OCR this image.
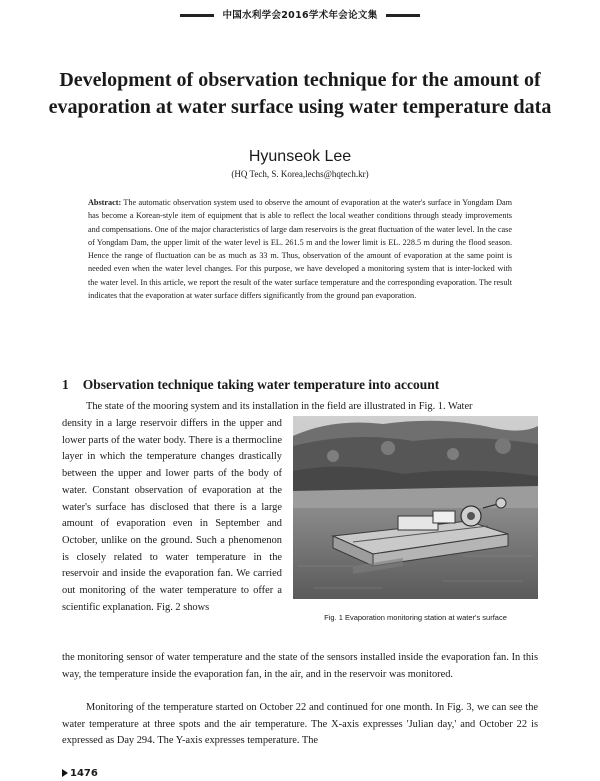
中国水利学会2016学术年会论文集
Development of observation technique for the amount of evaporation at water surface using water temperature data
Hyunseok Lee
(HQ Tech, S. Korea,lechs@hqtech.kr)

Abstract: The automatic observation system used to observe the amount of evaporation at the water's surface in Yongdam Dam has become a Korean-style item of equipment that is able to reflect the local weather conditions through steady improvements and compensations. One of the major characteristics of large dam reservoirs is the great fluctuation of the water level. In the case of Yongdam Dam, the upper limit of the water level is EL. 261.5 m and the lower limit is EL. 228.5 m during the flood season. Hence the range of fluctuation can be as much as 33 m. Thus, observation of the amount of evaporation at the same point is needed even when the water level changes. For this purpose, we have developed a monitoring system that is inter-locked with the water level. In this article, we report the result of the water surface temperature and the corresponding evaporation. The result indicates that the evaporation at water surface differs significantly from the ground pan evaporation.

1 Observation technique taking water temperature into account

The state of the mooring system and its installation in the field are illustrated in Fig. 1. Water

density in a large reservoir differs in the upper and lower parts of the water body. There is a thermocline layer in which the temperature changes drastically between the upper and lower parts of the body of water. Constant observation of evaporation at the water's surface has disclosed that there is a large amount of evaporation even in September and October, unlike on the ground. Such a phenomenon is closely related to water temperature in the reservoir and inside the evaporation fan. We carried out monitoring of the water temperature to offer a scientific explanation. Fig. 2 shows

Fig. 1 Evaporation monitoring station at water's surface

the monitoring sensor of water temperature and the state of the sensors installed inside the evaporation fan. In this way, the temperature inside the evaporation fan, in the air, and in the reservoir was monitored.

Monitoring of the temperature started on October 22 and continued for one month. In Fig. 3, we can see the water temperature at three spots and the air temperature. The X-axis expresses 'Julian day,' and October 22 is expressed as Day 294. The Y-axis expresses temperature. The

1476
